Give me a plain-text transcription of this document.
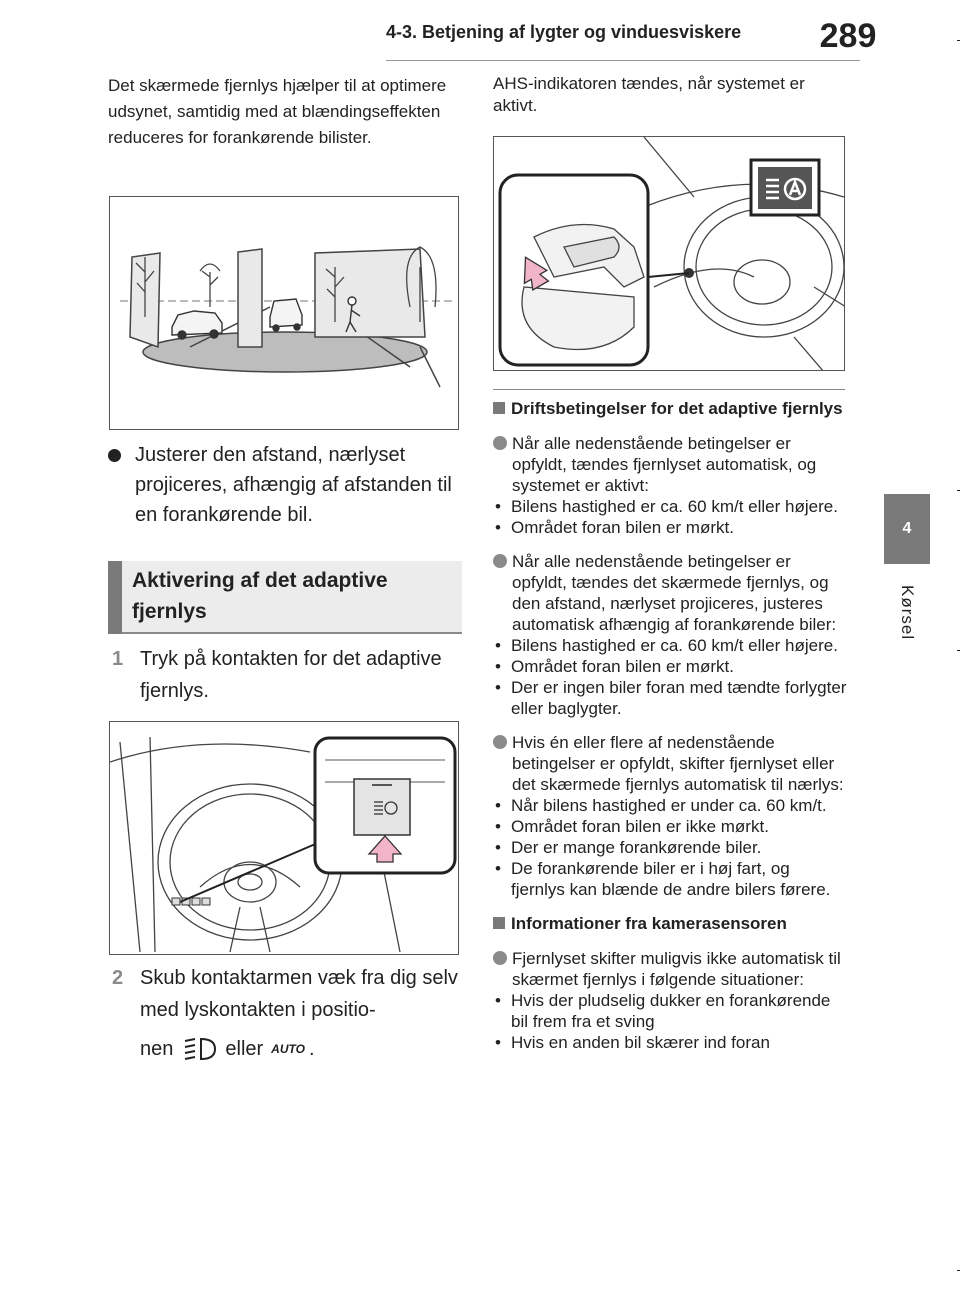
4-3. Betjening af lygter og vinduesviskere 289
4
Kørsel
Det skærmede fjernlys hjælper til at optimere udsynet, samtidig med at blændingseffekten reduceres for forankørende bilister.
Justerer den afstand, nærlyset projiceres, afhængig af afstanden til en forankørende bil.
Aktivering af det adaptive fjernlys
1 Tryk på kontakten for det adaptive fjernlys.
2 Skub kontaktarmen væk fra dig selv med lyskontakten i positio-
nen	eller AUTO .
AHS-indikatoren tændes, når systemet er aktivt.
Driftsbetingelser for det adaptive fjernlys
Når alle nedenstående betingelser er opfyldt, tændes fjernlyset automatisk, og systemet er aktivt:
• Bilens hastighed er ca. 60 km/t eller højere.
• Området foran bilen er mørkt.
Når alle nedenstående betingelser er opfyldt, tændes det skærmede fjernlys, og den afstand, nærlyset projiceres, justeres automatisk afhængig af forankørende biler:
• Bilens hastighed er ca. 60 km/t eller højere.
• Området foran bilen er mørkt.
• Der er ingen biler foran med tændte forlygter eller baglygter.
Hvis én eller flere af nedenstående betingelser er opfyldt, skifter fjernlyset eller det skærmede fjernlys automatisk til nærlys:
• Når bilens hastighed er under ca. 60 km/t.
• Området foran bilen er ikke mørkt.
• Der er mange forankørende biler.
• De forankørende biler er i høj fart, og fjernlys kan blænde de andre bilers førere.
Informationer fra kamerasensoren
Fjernlyset skifter muligvis ikke automatisk til skærmet fjernlys i følgende situationer:
• Hvis der pludselig dukker en forankørende bil frem fra et sving
• Hvis en anden bil skærer ind foran
